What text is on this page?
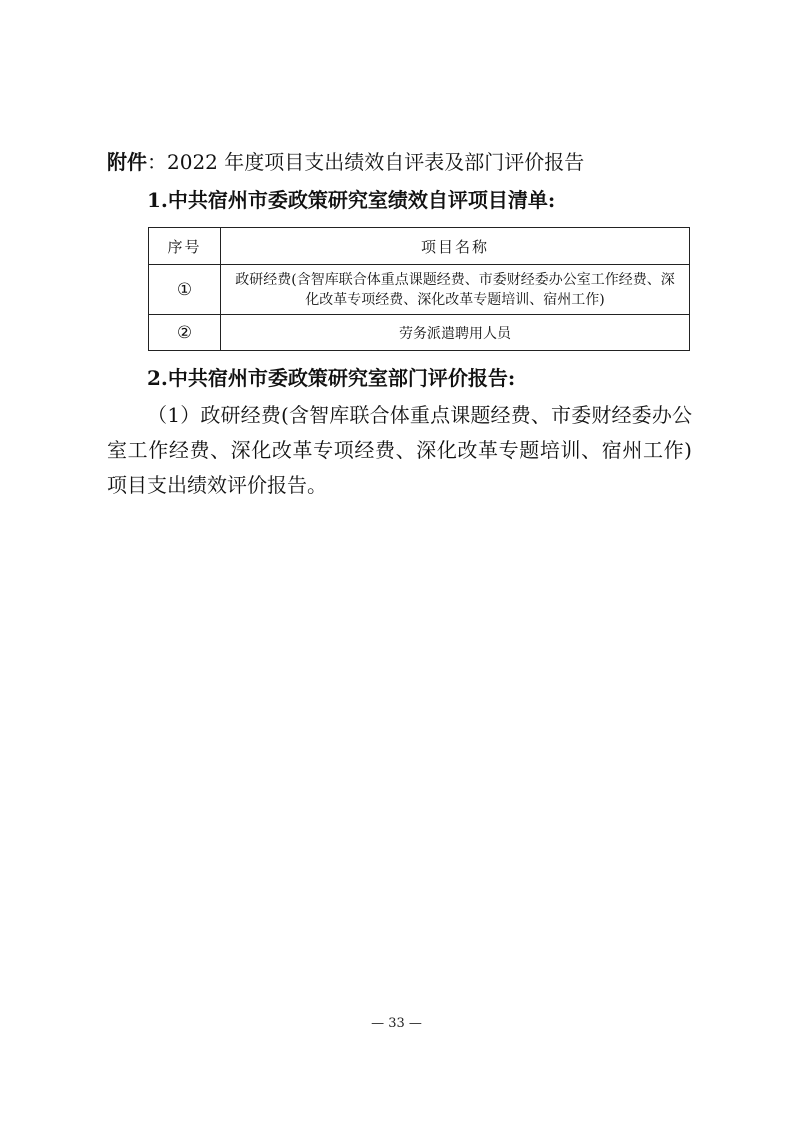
附件：2022 年度项目支出绩效自评表及部门评价报告
1.中共宿州市委政策研究室绩效自评项目清单:
序号	项目名称
①	政研经费(含智库联合体重点课题经费、市委财经委办公室工作经费、深化改革专项经费、深化改革专题培训、宿州工作)
②	劳务派遣聘用人员
2.中共宿州市委政策研究室部门评价报告:
（1）政研经费(含智库联合体重点课题经费、市委财经委办公室工作经费、深化改革专项经费、深化改革专题培训、宿州工作)项目支出绩效评价报告。
— 33 —
